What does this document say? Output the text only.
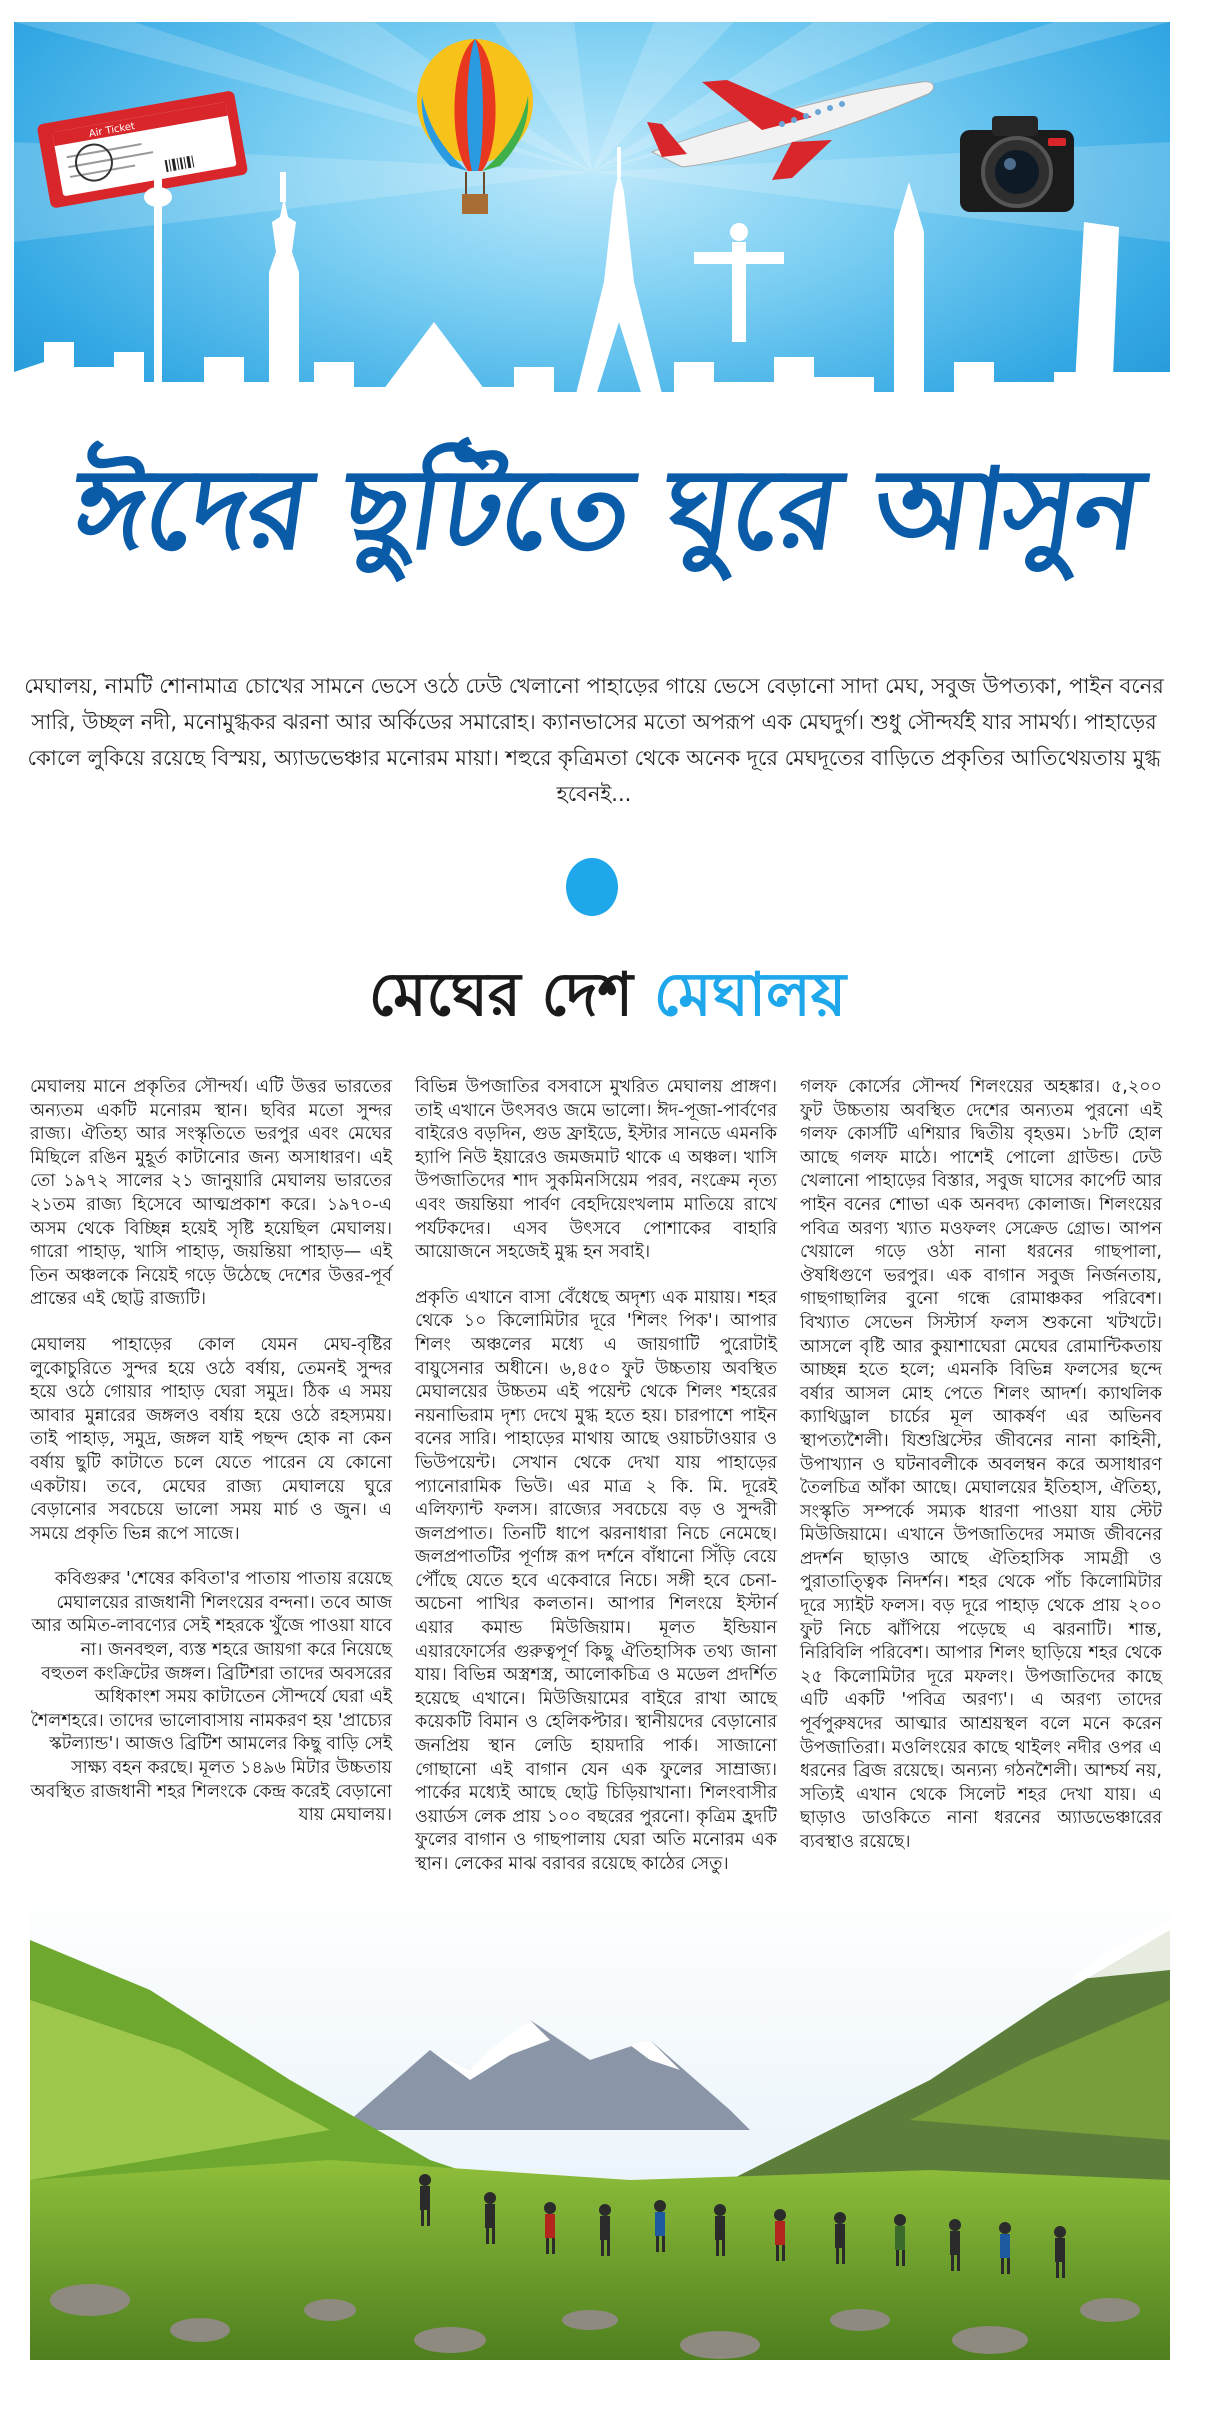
Air Ticket
ঈদের ছুটিতে ঘুরে আসুন

মেঘালয়, নামটি শোনামাত্র চোখের সামনে ভেসে ওঠে ঢেউ খেলানো পাহাড়ের গায়ে ভেসে বেড়ানো সাদা মেঘ, সবুজ উপত্যকা, পাইন বনের সারি, উচ্ছল নদী, মনোমুগ্ধকর ঝরনা আর অর্কিডের সমারোহ। ক্যানভাসের মতো অপরূপ এক মেঘদুর্গ। শুধু সৌন্দর্যই যার সামর্থ্য। পাহাড়ের কোলে লুকিয়ে রয়েছে বিস্ময়, অ্যাডভেঞ্চার মনোরম মায়া। শহুরে কৃত্রিমতা থেকে অনেক দূরে মেঘদূতের বাড়িতে প্রকৃতির আতিথেয়তায় মুগ্ধ হবেনই...

মেঘের দেশ মেঘালয়

মেঘালয় মানে প্রকৃতির সৌন্দর্য। এটি উত্তর ভারতের অন্যতম একটি মনোরম স্থান। ছবির মতো সুন্দর রাজ্য। ঐতিহ্য আর সংস্কৃতিতে ভরপুর এবং মেঘের মিছিলে রঙিন মুহূর্ত কাটানোর জন্য অসাধারণ। এই তো ১৯৭২ সালের ২১ জানুয়ারি মেঘালয় ভারতের ২১তম রাজ্য হিসেবে আত্মপ্রকাশ করে। ১৯৭০-এ অসম থেকে বিচ্ছিন্ন হয়েই সৃষ্টি হয়েছিল মেঘালয়। গারো পাহাড়, খাসি পাহাড়, জয়ন্তিয়া পাহাড়— এই তিন অঞ্চলকে নিয়েই গড়ে উঠেছে দেশের উত্তর-পূর্ব প্রান্তের এই ছোট্ট রাজ্যটি।

মেঘালয় পাহাড়ের কোল যেমন মেঘ-বৃষ্টির লুকোচুরিতে সুন্দর হয়ে ওঠে বর্ষায়, তেমনই সুন্দর হয়ে ওঠে গোয়ার পাহাড় ঘেরা সমুদ্র। ঠিক এ সময় আবার মুন্নারের জঙ্গলও বর্ষায় হয়ে ওঠে রহস্যময়। তাই পাহাড়, সমুদ্র, জঙ্গল যাই পছন্দ হোক না কেন বর্ষায় ছুটি কাটাতে চলে যেতে পারেন যে কোনো একটায়। তবে, মেঘের রাজ্য মেঘালয়ে ঘুরে বেড়ানোর সবচেয়ে ভালো সময় মার্চ ও জুন। এ সময়ে প্রকৃতি ভিন্ন রূপে সাজে।

কবিগুরুর 'শেষের কবিতা'র পাতায় পাতায় রয়েছে মেঘালয়ের রাজধানী শিলংয়ের বন্দনা। তবে আজ আর অমিত-লাবণ্যের সেই শহরকে খুঁজে পাওয়া যাবে না। জনবহুল, ব্যস্ত শহরে জায়গা করে নিয়েছে বহুতল কংক্রিটের জঙ্গল। ব্রিটিশরা তাদের অবসরের অধিকাংশ সময় কাটাতেন সৌন্দর্যে ঘেরা এই শৈলশহরে। তাদের ভালোবাসায় নামকরণ হয় 'প্রাচ্যের স্কটল্যান্ড'। আজও ব্রিটিশ আমলের কিছু বাড়ি সেই সাক্ষ্য বহন করছে। মূলত ১৪৯৬ মিটার উচ্চতায় অবস্থিত রাজধানী শহর শিলংকে কেন্দ্র করেই বেড়ানো যায় মেঘালয়।

বিভিন্ন উপজাতির বসবাসে মুখরিত মেঘালয় প্রাঙ্গণ। তাই এখানে উৎসবও জমে ভালো। ঈদ-পূজা-পার্বণের বাইরেও বড়দিন, গুড ফ্রাইডে, ইস্টার সানডে এমনকি হ্যাপি নিউ ইয়ারেও জমজমাট থাকে এ অঞ্চল। খাসি উপজাতিদের শাদ সুকমিনসিয়েম পরব, নংক্রেম নৃত্য এবং জয়ন্তিয়া পার্বণ বেহদিয়েংখলাম মাতিয়ে রাখে পর্যটকদের। এসব উৎসবে পোশাকের বাহারি আয়োজনে সহজেই মুগ্ধ হন সবাই।

প্রকৃতি এখানে বাসা বেঁধেছে অদৃশ্য এক মায়ায়। শহর থেকে ১০ কিলোমিটার দূরে 'শিলং পিক'। আপার শিলং অঞ্চলের মধ্যে এ জায়গাটি পুরোটাই বায়ুসেনার অধীনে। ৬,৪৫০ ফুট উচ্চতায় অবস্থিত মেঘালয়ের উচ্চতম এই পয়েন্ট থেকে শিলং শহরের নয়নাভিরাম দৃশ্য দেখে মুগ্ধ হতে হয়। চারপাশে পাইন বনের সারি। পাহাড়ের মাথায় আছে ওয়াচটাওয়ার ও ভিউপয়েন্ট। সেখান থেকে দেখা যায় পাহাড়ের প্যানোরামিক ভিউ। এর মাত্র ২ কি. মি. দূরেই এলিফ্যান্ট ফলস। রাজ্যের সবচেয়ে বড় ও সুন্দরী জলপ্রপাত। তিনটি ধাপে ঝরনাধারা নিচে নেমেছে। জলপ্রপাতটির পূর্ণাঙ্গ রূপ দর্শনে বাঁধানো সিঁড়ি বেয়ে পৌঁছে যেতে হবে একেবারে নিচে। সঙ্গী হবে চেনা-অচেনা পাখির কলতান। আপার শিলংয়ে ইস্টার্ন এয়ার কমান্ড মিউজিয়াম। মূলত ইন্ডিয়ান এয়ারফোর্সের গুরুত্বপূর্ণ কিছু ঐতিহাসিক তথ্য জানা যায়। বিভিন্ন অস্ত্রশস্ত্র, আলোকচিত্র ও মডেল প্রদর্শিত হয়েছে এখানে। মিউজিয়ামের বাইরে রাখা আছে কয়েকটি বিমান ও হেলিকপ্টার। স্থানীয়দের বেড়ানোর জনপ্রিয় স্থান লেডি হায়দারি পার্ক। সাজানো গোছানো এই বাগান যেন এক ফুলের সাম্রাজ্য। পার্কের মধ্যেই আছে ছোট্ট চিড়িয়াখানা। শিলংবাসীর ওয়ার্ডস লেক প্রায় ১০০ বছরের পুরনো। কৃত্রিম হ্রদটি ফুলের বাগান ও গাছপালায় ঘেরা অতি মনোরম এক স্থান। লেকের মাঝ বরাবর রয়েছে কাঠের সেতু।

গলফ কোর্সের সৌন্দর্য শিলংয়ের অহঙ্কার। ৫,২০০ ফুট উচ্চতায় অবস্থিত দেশের অন্যতম পুরনো এই গলফ কোর্সটি এশিয়ার দ্বিতীয় বৃহত্তম। ১৮টি হোল আছে গলফ মাঠে। পাশেই পোলো গ্রাউন্ড। ঢেউ খেলানো পাহাড়ের বিস্তার, সবুজ ঘাসের কার্পেট আর পাইন বনের শোভা এক অনবদ্য কোলাজ। শিলংয়ের পবিত্র অরণ্য খ্যাত মওফলং সেক্রেড গ্রোভ। আপন খেয়ালে গড়ে ওঠা নানা ধরনের গাছপালা, ঔষধিগুণে ভরপুর। এক বাগান সবুজ নির্জনতায়, গাছগাছালির বুনো গন্ধে রোমাঞ্চকর পরিবেশ। বিখ্যাত সেভেন সিস্টার্স ফলস শুকনো খটখটে। আসলে বৃষ্টি আর কুয়াশাঘেরা মেঘের রোমান্টিকতায় আচ্ছন্ন হতে হলে; এমনকি বিভিন্ন ফলসের ছন্দে বর্ষার আসল মোহ পেতে শিলং আদর্শ। ক্যাথলিক ক্যাথিড্রাল চার্চের মূল আকর্ষণ এর অভিনব স্থাপত্যশৈলী। যিশুখ্রিস্টের জীবনের নানা কাহিনী, উপাখ্যান ও ঘটনাবলীকে অবলম্বন করে অসাধারণ তৈলচিত্র আঁকা আছে। মেঘালয়ের ইতিহাস, ঐতিহ্য, সংস্কৃতি সম্পর্কে সম্যক ধারণা পাওয়া যায় স্টেট মিউজিয়ামে। এখানে উপজাতিদের সমাজ জীবনের প্রদর্শন ছাড়াও আছে ঐতিহাসিক সামগ্রী ও পুরাতাত্ত্বিক নিদর্শন। শহর থেকে পাঁচ কিলোমিটার দূরে স্যাইট ফলস। বড় দূরে পাহাড় থেকে প্রায় ২০০ ফুট নিচে ঝাঁপিয়ে পড়েছে এ ঝরনাটি। শান্ত, নিরিবিলি পরিবেশ। আপার শিলং ছাড়িয়ে শহর থেকে ২৫ কিলোমিটার দূরে মফলং। উপজাতিদের কাছে এটি একটি 'পবিত্র অরণ্য'। এ অরণ্য তাদের পূর্বপুরুষদের আত্মার আশ্রয়স্থল বলে মনে করেন উপজাতিরা। মওলিংয়ের কাছে থাইলং নদীর ওপর এ ধরনের ব্রিজ রয়েছে। অন্যন্য গঠনশৈলী। আশ্চর্য নয়, সত্যিই এখান থেকে সিলেট শহর দেখা যায়। এ ছাড়াও ডাওকিতে নানা ধরনের অ্যাডভেঞ্চারের ব্যবস্থাও রয়েছে।
